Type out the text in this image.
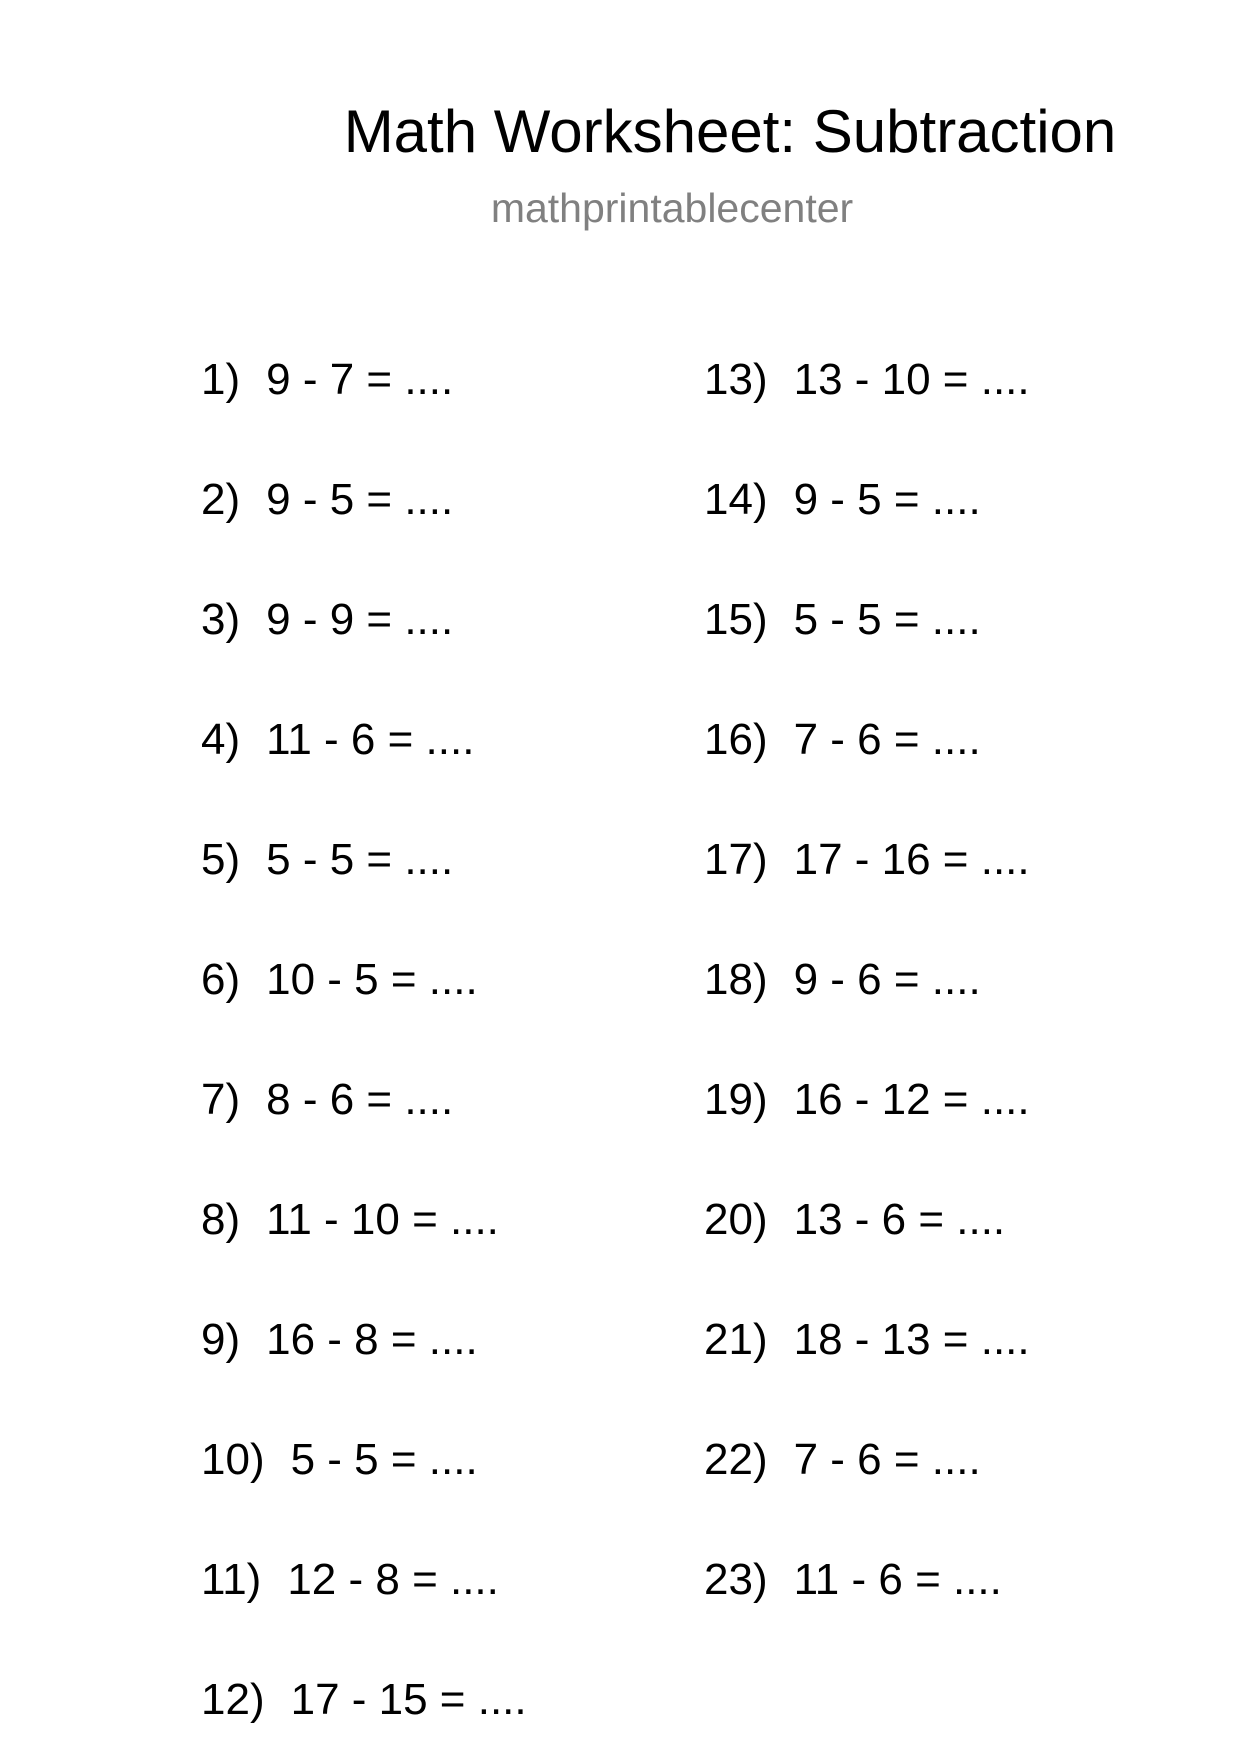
Math Worksheet: Subtraction
mathprintablecenter
1) 9 - 7 = ....
2) 9 - 5 = ....
3) 9 - 9 = ....
4) 11 - 6 = ....
5) 5 - 5 = ....
6) 10 - 5 = ....
7) 8 - 6 = ....
8) 11 - 10 = ....
9) 16 - 8 = ....
10) 5 - 5 = ....
11) 12 - 8 = ....
12) 17 - 15 = ....
13) 13 - 10 = ....
14) 9 - 5 = ....
15) 5 - 5 = ....
16) 7 - 6 = ....
17) 17 - 16 = ....
18) 9 - 6 = ....
19) 16 - 12 = ....
20) 13 - 6 = ....
21) 18 - 13 = ....
22) 7 - 6 = ....
23) 11 - 6 = ....
